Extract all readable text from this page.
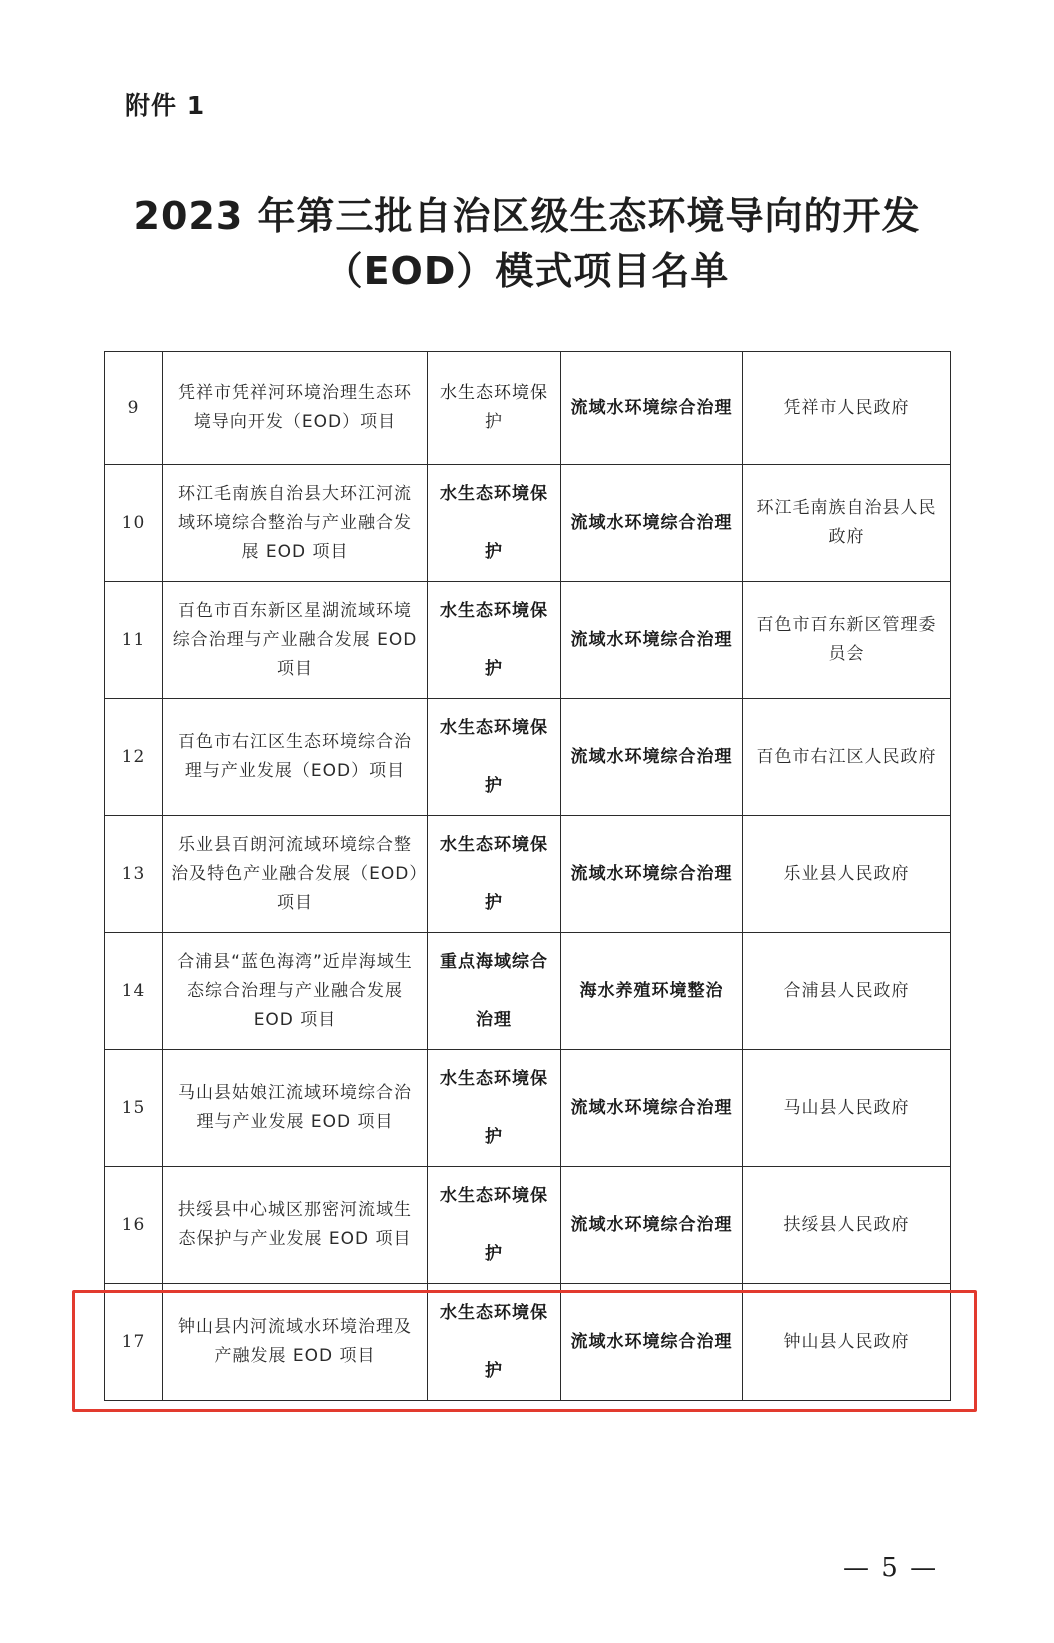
附件 1
2023 年第三批自治区级生态环境导向的开发
（EOD）模式项目名单
9	凭祥市凭祥河环境治理生态环境导向开发（EOD）项目	水生态环境保护	流域水环境综合治理	凭祥市人民政府
10	环江毛南族自治县大环江河流域环境综合整治与产业融合发展 EOD 项目	水生态环境保护	流域水环境综合治理	环江毛南族自治县人民政府
11	百色市百东新区星湖流域环境综合治理与产业融合发展 EOD 项目	水生态环境保护	流域水环境综合治理	百色市百东新区管理委员会
12	百色市右江区生态环境综合治理与产业发展（EOD）项目	水生态环境保护	流域水环境综合治理	百色市右江区人民政府
13	乐业县百朗河流域环境综合整治及特色产业融合发展（EOD）项目	水生态环境保护	流域水环境综合治理	乐业县人民政府
14	合浦县“蓝色海湾”近岸海域生态综合治理与产业融合发展 EOD 项目	重点海域综合治理	海水养殖环境整治	合浦县人民政府
15	马山县姑娘江流域环境综合治理与产业发展 EOD 项目	水生态环境保护	流域水环境综合治理	马山县人民政府
16	扶绥县中心城区那密河流域生态保护与产业发展 EOD 项目	水生态环境保护	流域水环境综合治理	扶绥县人民政府
17	钟山县内河流域水环境治理及产融发展 EOD 项目	水生态环境保护	流域水环境综合治理	钟山县人民政府
— 5 —
